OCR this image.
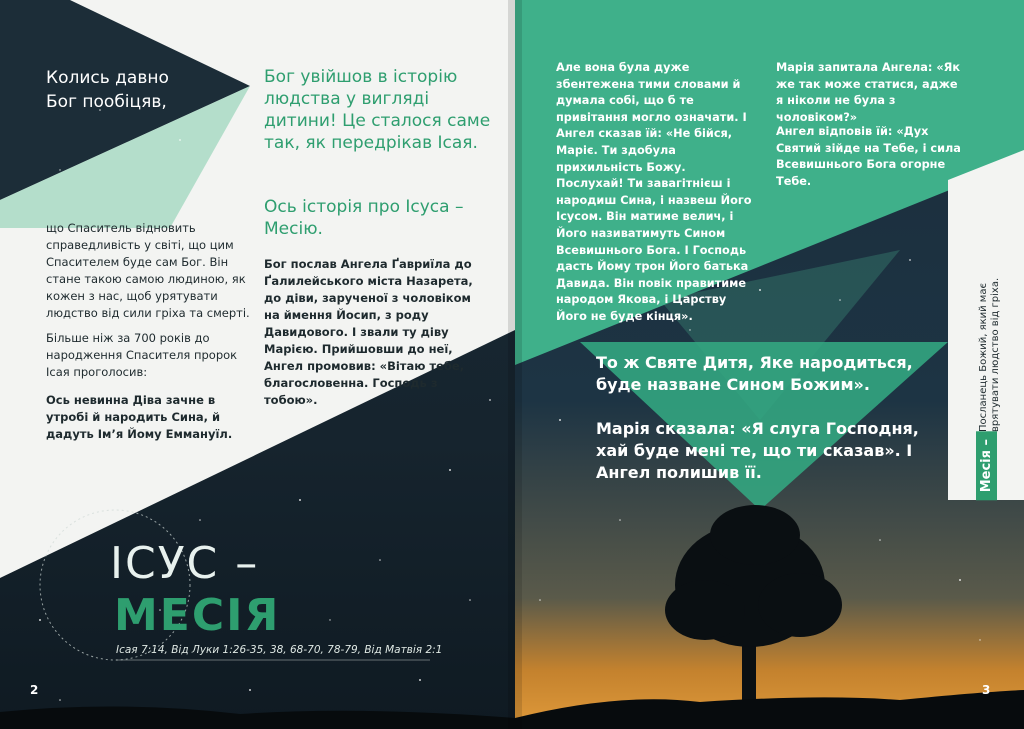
Колись давно
Бог пообіцяв,

Бог увійшов в історію людства у вигляді дитини! Це сталося саме так, як передрікав Ісая.

Ось історія про Ісуса – Месію.

що Спаситель відновить справедливість у світі, що цим Спасителем буде сам Бог. Він стане такою самою людиною, як кожен з нас, щоб урятувати людство від сили гріха та смерті.

Більше ніж за 700 років до народження Спасителя пророк Ісая проголосив:

Ось невинна Діва зачне в утробі й народить Сина, й дадуть Ім’я Йому Еммануїл.

Бог послав Ангела Ґавриїла до Ґалилейського міста Назарета, до діви, зарученої з чоловіком на ймення Йосип, з роду Давидового. І звали ту діву Марією. Прийшовши до неї, Ангел промовив: «Вітаю тебе, благословенна. Господь з тобою».

ІСУС –

МЕСІЯ

Ісая 7:14, Від Луки 1:26-35, 38, 68-70, 78-79, Від Матвія 2:1

2

Але вона була дуже збентежена тими словами й думала собі, що б те привітання могло означати. І Ангел сказав їй: «Не бійся, Маріє. Ти здобула прихильність Божу. Послухай! Ти завагітнієш і народиш Сина, і назвеш Його Ісусом. Він матиме велич, і Його називатимуть Сином Всевишнього Бога. І Господь дасть Йому трон Його батька Давида. Він повік правитиме народом Якова, і Царству Його не буде кінця».

Марія запитала Ангела: «Як же так може статися, адже я ніколи не була з чоловіком?»

Ангел відповів їй: «Дух Святий зійде на Тебе, і сила Всевишнього Бога огорне Тебе.

То ж Святе Дитя, Яке народиться, буде назване Сином Божим».

Марія сказала: «Я слуга Господня, хай буде мені те, що ти сказав». І Ангел полишив її.	Месія –

Посланець Божий, який має врятувати людство від гріха.

3
